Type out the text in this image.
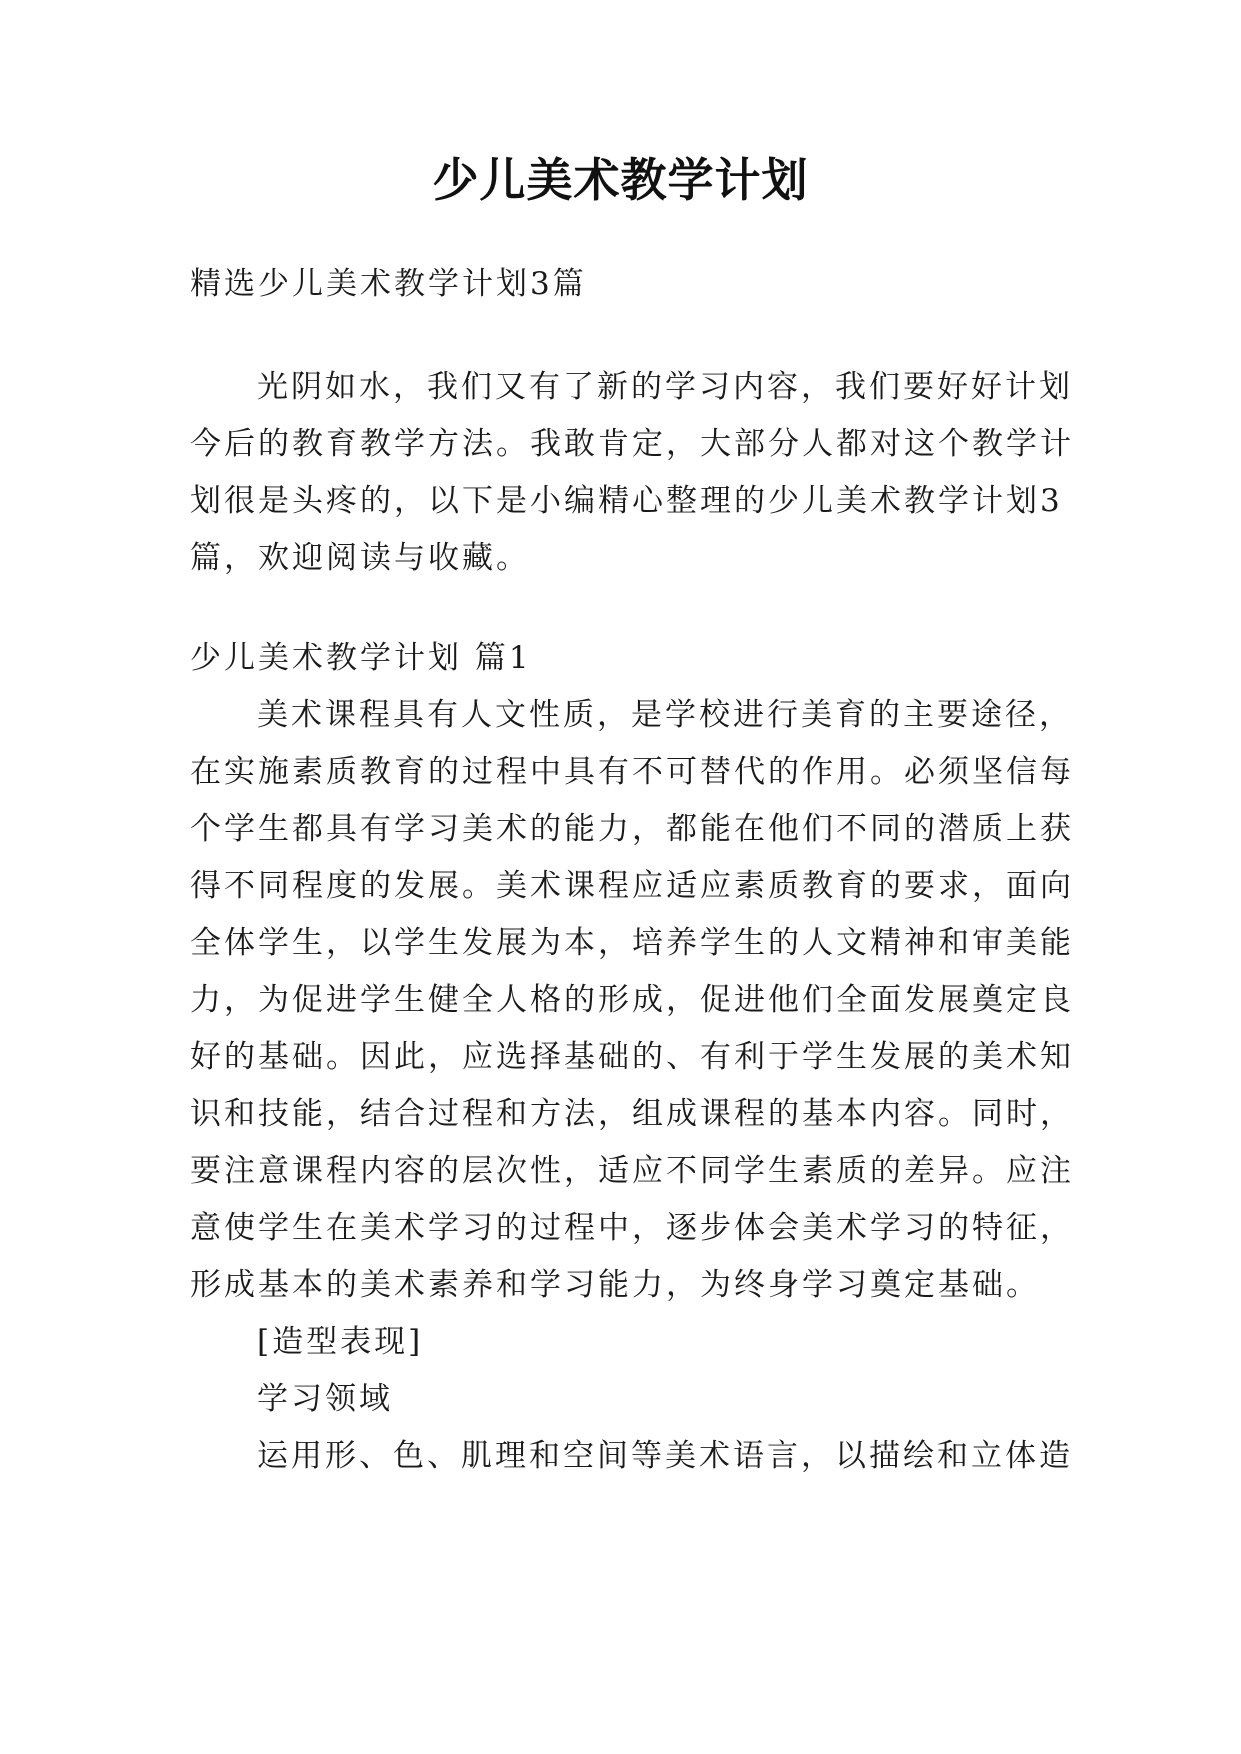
少儿美术教学计划
精选少儿美术教学计划3篇
光阴如水，我们又有了新的学习内容，我们要好好计划
今后的教育教学方法。我敢肯定，大部分人都对这个教学计
划很是头疼的，以下是小编精心整理的少儿美术教学计划3
篇，欢迎阅读与收藏。
少儿美术教学计划 篇1
美术课程具有人文性质，是学校进行美育的主要途径，
在实施素质教育的过程中具有不可替代的作用。必须坚信每
个学生都具有学习美术的能力，都能在他们不同的潜质上获
得不同程度的发展。美术课程应适应素质教育的要求，面向
全体学生，以学生发展为本，培养学生的人文精神和审美能
力，为促进学生健全人格的形成，促进他们全面发展奠定良
好的基础。因此，应选择基础的、有利于学生发展的美术知
识和技能，结合过程和方法，组成课程的基本内容。同时，
要注意课程内容的层次性，适应不同学生素质的差异。应注
意使学生在美术学习的过程中，逐步体会美术学习的特征，
形成基本的美术素养和学习能力，为终身学习奠定基础。
[造型表现]
学习领域
运用形、色、肌理和空间等美术语言，以描绘和立体造
